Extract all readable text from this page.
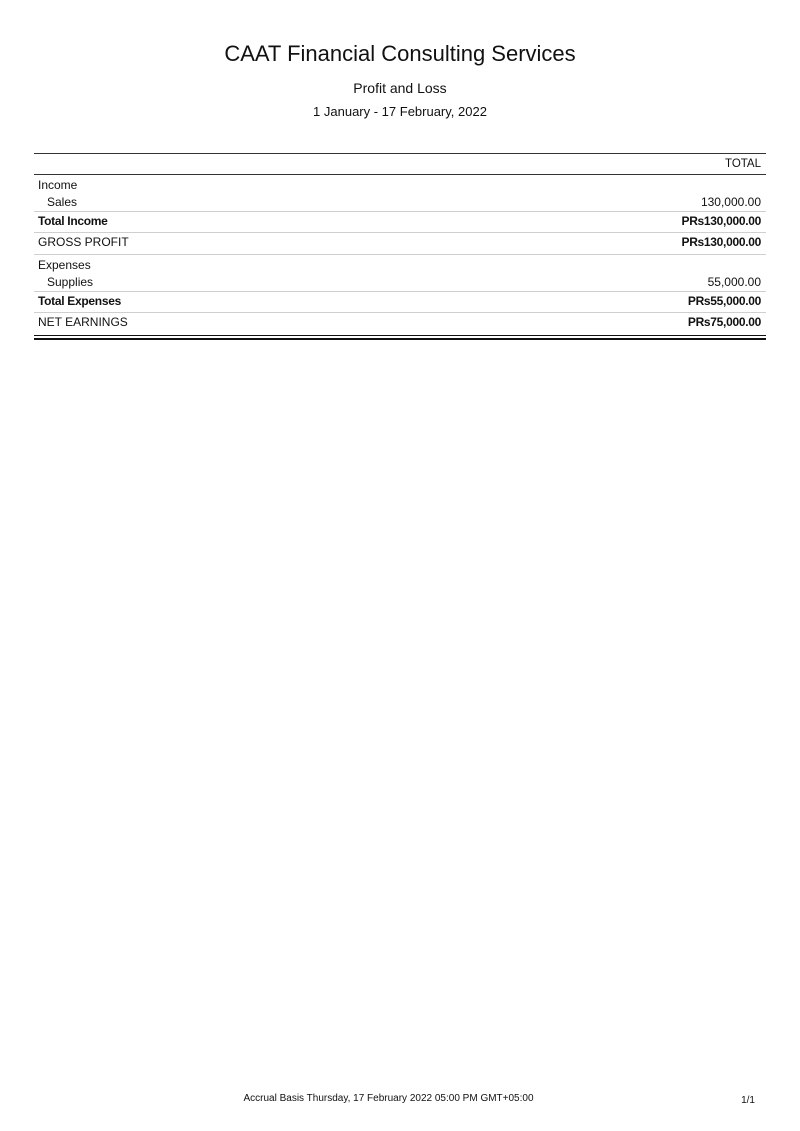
CAAT Financial Consulting Services
Profit and Loss
1 January - 17 February, 2022
TOTAL
Income
Sales	130,000.00
Total Income	PRs130,000.00
GROSS PROFIT	PRs130,000.00
Expenses
Supplies	55,000.00
Total Expenses	PRs55,000.00
NET EARNINGS	PRs75,000.00
Accrual Basis Thursday, 17 February 2022 05:00 PM GMT+05:00	1/1
